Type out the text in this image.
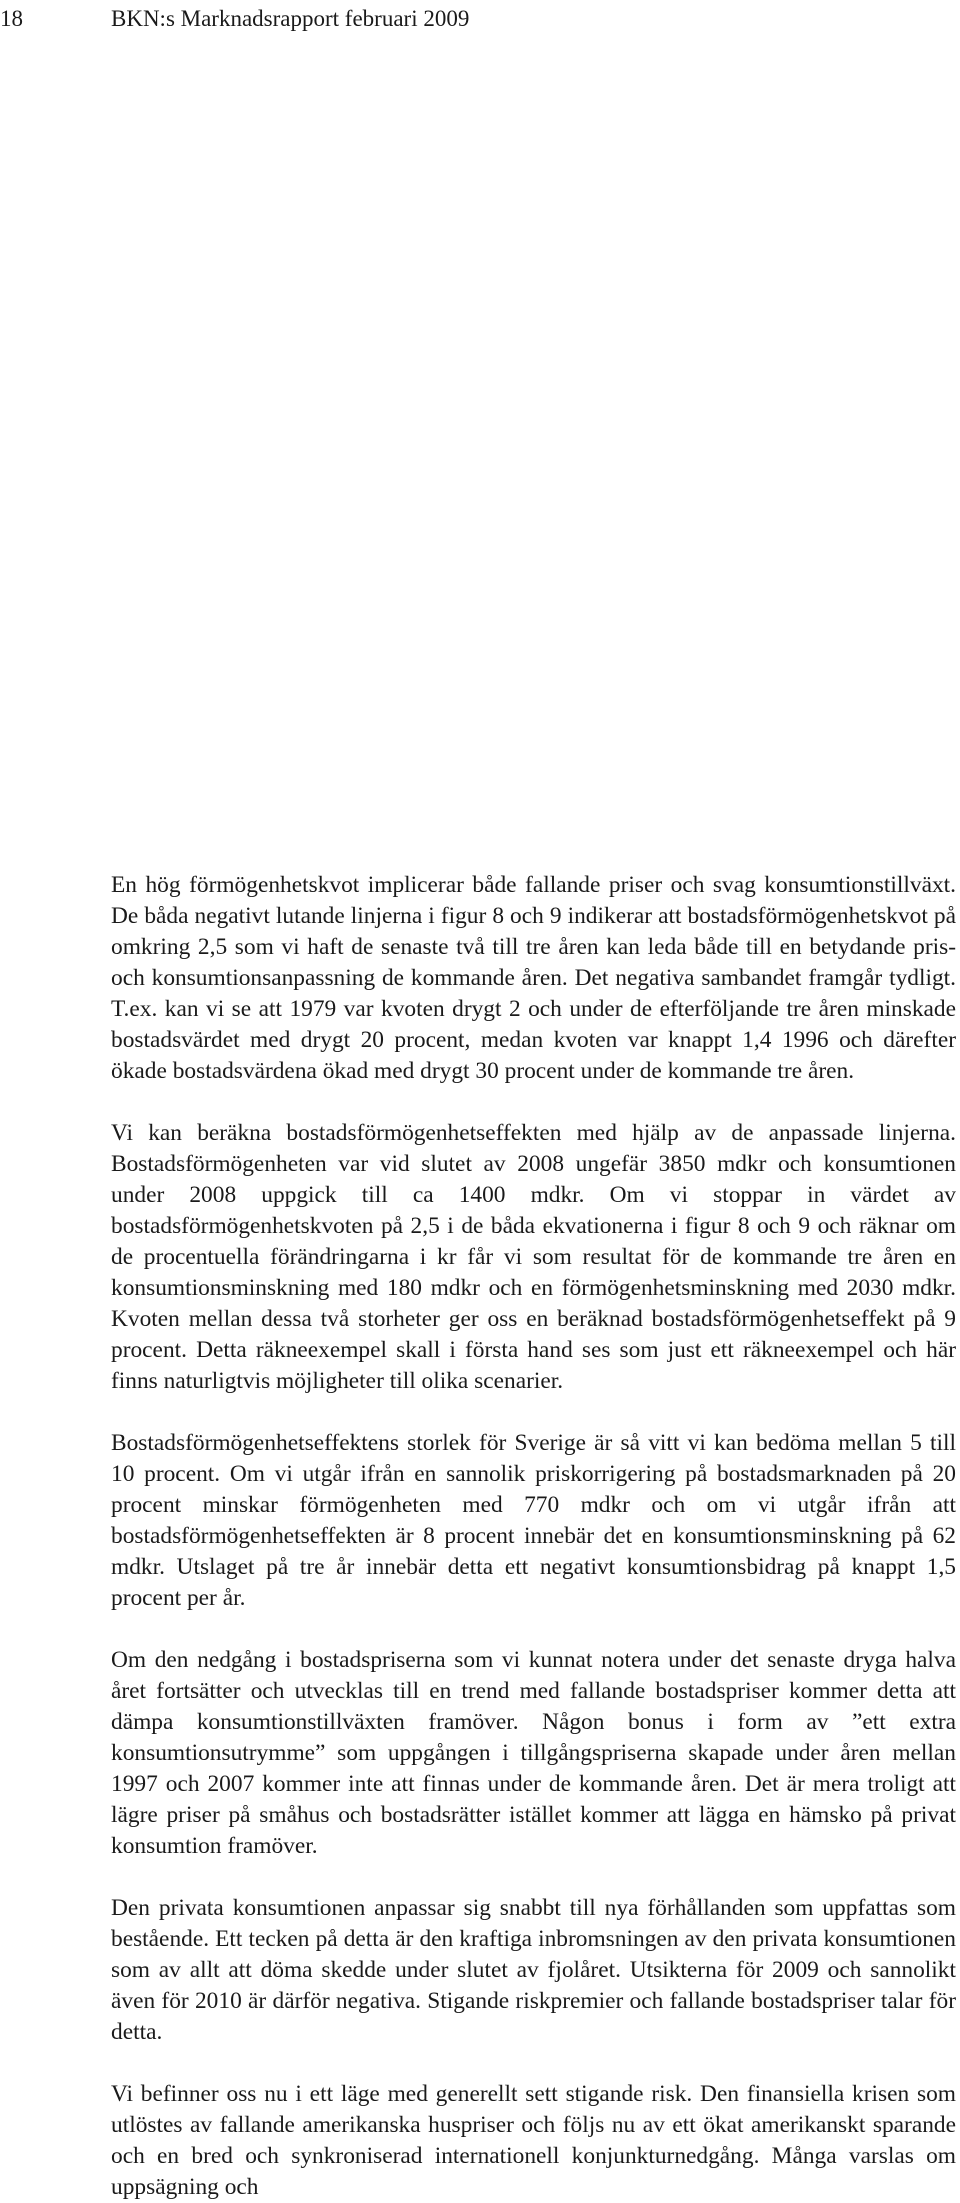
18	BKN:s Marknadsrapport februari 2009

En hög förmögenhetskvot implicerar både fallande priser och svag konsumtionstillväxt. De båda negativt lutande linjerna i figur 8 och 9 indikerar att bostadsförmögenhetskvot på omkring 2,5 som vi haft de senaste två till tre åren kan leda både till en betydande pris- och konsumtionsanpassning de kommande åren. Det negativa sambandet framgår tydligt. T.ex. kan vi se att 1979 var kvoten drygt 2 och under de efterföljande tre åren minskade bostadsvärdet med drygt 20 procent, medan kvoten var knappt 1,4 1996 och därefter ökade bostadsvärdena ökad med drygt 30 procent under de kommande tre åren.

Vi kan beräkna bostadsförmögenhetseffekten med hjälp av de anpassade linjerna. Bostadsförmögenheten var vid slutet av 2008 ungefär 3850 mdkr och konsumtionen under 2008 uppgick till ca 1400 mdkr. Om vi stoppar in värdet av bostadsförmögenhetskvoten på 2,5 i de båda ekvationerna i figur 8 och 9 och räknar om de procentuella förändringarna i kr får vi som resultat för de kommande tre åren en konsumtionsminskning med 180 mdkr och en förmögenhetsminskning med 2030 mdkr. Kvoten mellan dessa två storheter ger oss en beräknad bostadsförmögenhetseffekt på 9 procent. Detta räkneexempel skall i första hand ses som just ett räkneexempel och här finns naturligtvis möjligheter till olika scenarier.

Bostadsförmögenhetseffektens storlek för Sverige är så vitt vi kan bedöma mellan 5 till 10 procent. Om vi utgår ifrån en sannolik priskorrigering på bostadsmarknaden på 20 procent minskar förmögenheten med 770 mdkr och om vi utgår ifrån att bostadsförmögenhetseffekten är 8 procent innebär det en konsumtionsminskning på 62 mdkr. Utslaget på tre år innebär detta ett negativt konsumtionsbidrag på knappt 1,5 procent per år.

Om den nedgång i bostadspriserna som vi kunnat notera under det senaste dryga halva året fortsätter och utvecklas till en trend med fallande bostadspriser kommer detta att dämpa konsumtionstillväxten framöver. Någon bonus i form av ”ett extra konsumtionsutrymme” som uppgången i tillgångspriserna skapade under åren mellan 1997 och 2007 kommer inte att finnas under de kommande åren. Det är mera troligt att lägre priser på småhus och bostadsrätter istället kommer att lägga en hämsko på privat konsumtion framöver.

Den privata konsumtionen anpassar sig snabbt till nya förhållanden som uppfattas som bestående. Ett tecken på detta är den kraftiga inbromsningen av den privata konsumtionen som av allt att döma skedde under slutet av fjolåret. Utsikterna för 2009 och sannolikt även för 2010 är därför negativa. Stigande riskpremier och fallande bostadspriser talar för detta.

Vi befinner oss nu i ett läge med generellt sett stigande risk. Den finansiella krisen som utlöstes av fallande amerikanska huspriser och följs nu av ett ökat amerikanskt sparande och en bred och synkroniserad internationell konjunkturnedgång. Många varslas om uppsägning och
